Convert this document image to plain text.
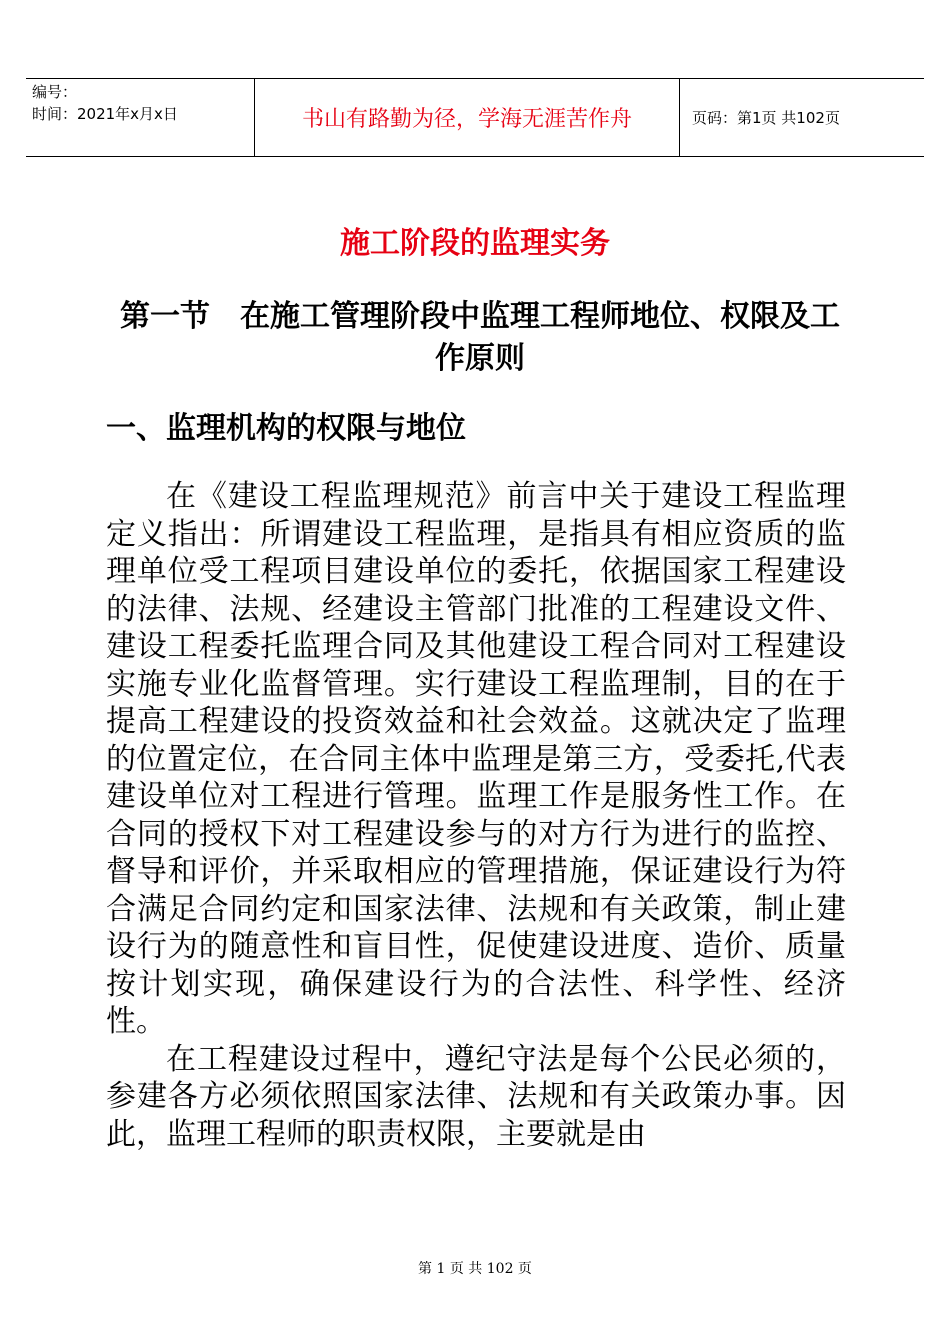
编号：
时间：2021年x月x日	书山有路勤为径，学海无涯苦作舟	页码：第1页 共102页
施工阶段的监理实务
第一节　在施工管理阶段中监理工程师地位、权限及工作原则
一、监理机构的权限与地位

在《建设工程监理规范》前言中关于建设工程监理定义指出：所谓建设工程监理，是指具有相应资质的监理单位受工程项目建设单位的委托，依据国家工程建设的法律、法规、经建设主管部门批准的工程建设文件、建设工程委托监理合同及其他建设工程合同对工程建设实施专业化监督管理。实行建设工程监理制，目的在于提高工程建设的投资效益和社会效益。这就决定了监理的位置定位，在合同主体中监理是第三方，受委托,代表建设单位对工程进行管理。监理工作是服务性工作。在合同的授权下对工程建设参与的对方行为进行的监控、督导和评价，并采取相应的管理措施，保证建设行为符合满足合同约定和国家法律、法规和有关政策，制止建设行为的随意性和盲目性，促使建设进度、造价、质量按计划实现，确保建设行为的合法性、科学性、经济性。

在工程建设过程中，遵纪守法是每个公民必须的，参建各方必须依照国家法律、法规和有关政策办事。因此，监理工程师的职责权限，主要就是由

第 1 页 共 102 页
